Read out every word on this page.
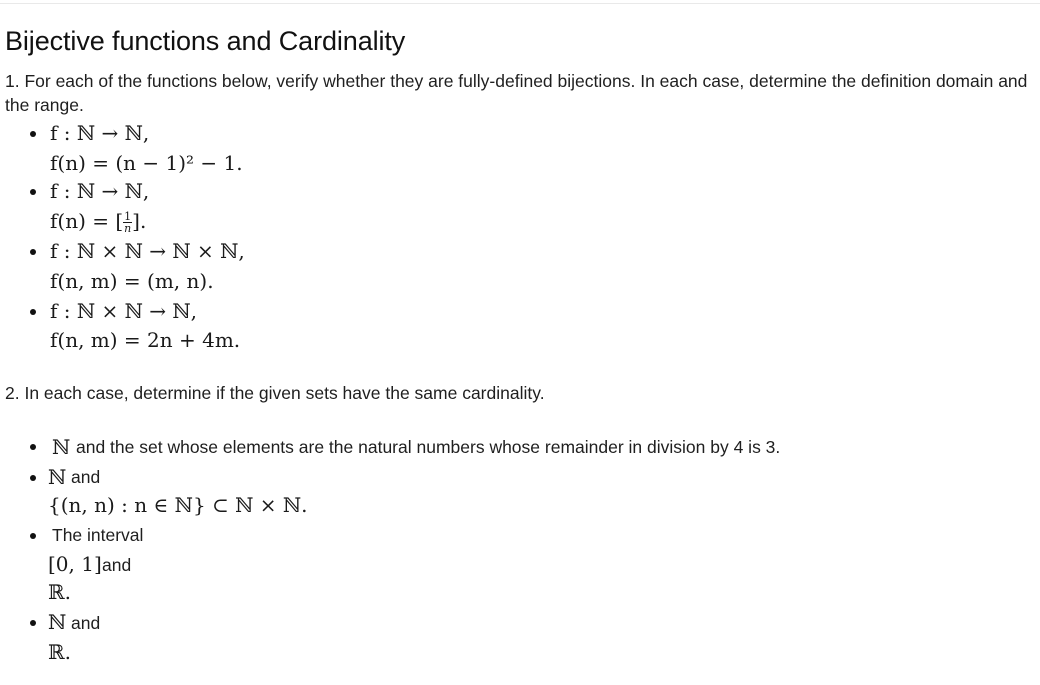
Bijective functions and Cardinality

1. For each of the functions below, verify whether they are fully-defined bijections. In each case, determine the definition domain and the range.

f : ℕ → ℕ,
f(n) = (n − 1)² − 1.
f : ℕ → ℕ,
f(n) = [ $\frac{1}{n}$ ].
f : ℕ × ℕ → ℕ × ℕ,
f(n, m) = (m, n).
f : ℕ × ℕ → ℕ,
f(n, m) = 2n + 4m.

2. In each case, determine if the given sets have the same cardinality.

ℕ and the set whose elements are the natural numbers whose remainder in division by 4 is 3.
ℕ and
{(n, n) : n ∈ ℕ} ⊂ ℕ × ℕ.
The interval
[0, 1] and
ℝ.
ℕ and
ℝ.
